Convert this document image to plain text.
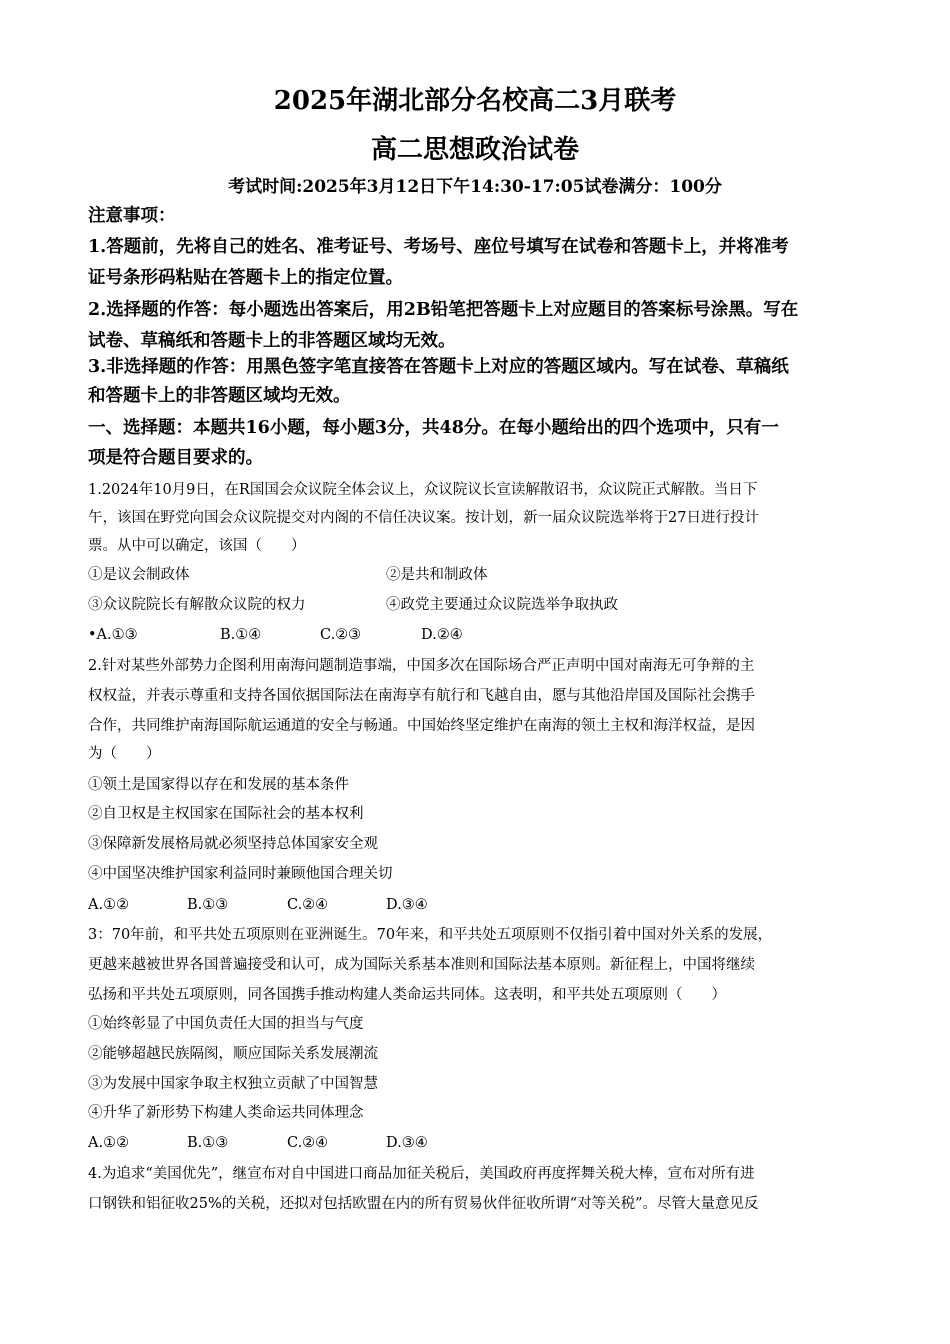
2025年湖北部分名校高二3月联考
高二思想政治试卷

考试时间:2025年3月12日下午14:30-17:05试卷满分：100分

注意事项：

1.答题前，先将自己的姓名、准考证号、考场号、座位号填写在试卷和答题卡上，并将准考

证号条形码粘贴在答题卡上的指定位置。

2.选择题的作答：每小题选出答案后，用2B铅笔把答题卡上对应题目的答案标号涂黑。写在

试卷、草稿纸和答题卡上的非答题区域均无效。

3.非选择题的作答：用黑色签字笔直接答在答题卡上对应的答题区域内。写在试卷、草稿纸

和答题卡上的非答题区域均无效。

一、选择题：本题共16小题，每小题3分，共48分。在每小题给出的四个选项中，只有一

项是符合题目要求的。

1.2024年10月9日，在R国国会众议院全体会议上，众议院议长宣读解散诏书，众议院正式解散。当日下

午，该国在野党向国会众议院提交对内阁的不信任决议案。按计划，新一届众议院选举将于27日进行投计

票。从中可以确定，该国（　　）

①是议会制政体	②是共和制政体
③众议院院长有解散众议院的权力	④政党主要通过众议院选举争取执政
•A.①③	B.①④	C.②③	D.②④

2.针对某些外部势力企图利用南海问题制造事端，中国多次在国际场合严正声明中国对南海无可争辩的主

权权益，并表示尊重和支持各国依据国际法在南海享有航行和飞越自由，愿与其他沿岸国及国际社会携手

合作，共同维护南海国际航运通道的安全与畅通。中国始终坚定维护在南海的领土主权和海洋权益，是因

为（　　）

①领土是国家得以存在和发展的基本条件
②自卫权是主权国家在国际社会的基本权利
③保障新发展格局就必须坚持总体国家安全观
④中国坚决维护国家利益同时兼顾他国合理关切
A.①②	B.①③	C.②④	D.③④

3：70年前，和平共处五项原则在亚洲诞生。70年来，和平共处五项原则不仅指引着中国对外关系的发展，

更越来越被世界各国普遍接受和认可，成为国际关系基本准则和国际法基本原则。新征程上，中国将继续

弘扬和平共处五项原则，同各国携手推动构建人类命运共同体。这表明，和平共处五项原则（　　）

①始终彰显了中国负责任大国的担当与气度
②能够超越民族隔阂，顺应国际关系发展潮流
③为发展中国家争取主权独立贡献了中国智慧
④升华了新形势下构建人类命运共同体理念
A.①②	B.①③	C.②④	D.③④

4.为追求“美国优先”，继宣布对自中国进口商品加征关税后，美国政府再度挥舞关税大棒，宣布对所有进

口钢铁和铝征收25%的关税，还拟对包括欧盟在内的所有贸易伙伴征收所谓“对等关税”。尽管大量意见反
